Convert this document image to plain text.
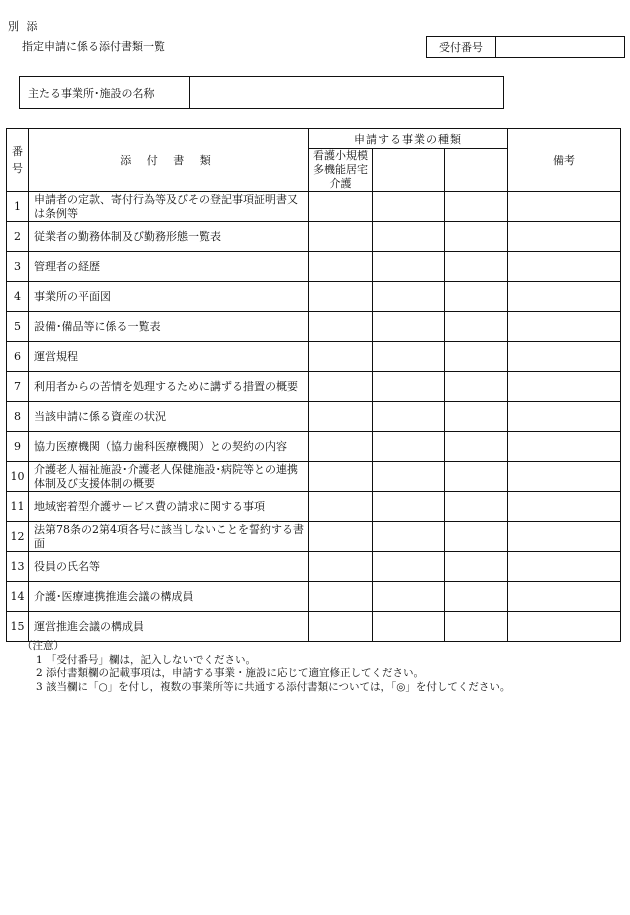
別 添
指定申請に係る添付書類一覧	受付番号
主たる事業所･施設の名称
番号	添 付 書 類	申請する事業の種類			備考
		看護小規模多機能居宅介護			
1	申請者の定款、寄付行為等及びその登記事項証明書又は条例等				
2	従業者の勤務体制及び勤務形態一覧表				
3	管理者の経歴				
4	事業所の平面図				
5	設備･備品等に係る一覧表				
6	運営規程				
7	利用者からの苦情を処理するために講ずる措置の概要				
8	当該申請に係る資産の状況				
9	協力医療機関（協力歯科医療機関）との契約の内容				
10	介護老人福祉施設･介護老人保健施設･病院等との連携体制及び支援体制の概要				
11	地域密着型介護サービス費の請求に関する事項				
12	法第78条の2第4項各号に該当しないことを誓約する書面				
13	役員の氏名等				
14	介護･医療連携推進会議の構成員				
15	運営推進会議の構成員				
（注意）
1 「受付番号」欄は，記入しないでください。
2 添付書類欄の記載事項は，申請する事業・施設に応じて適宜修正してください。
3 該当欄に「○」を付し，複数の事業所等に共通する添付書類については，「◎」を付してください。
